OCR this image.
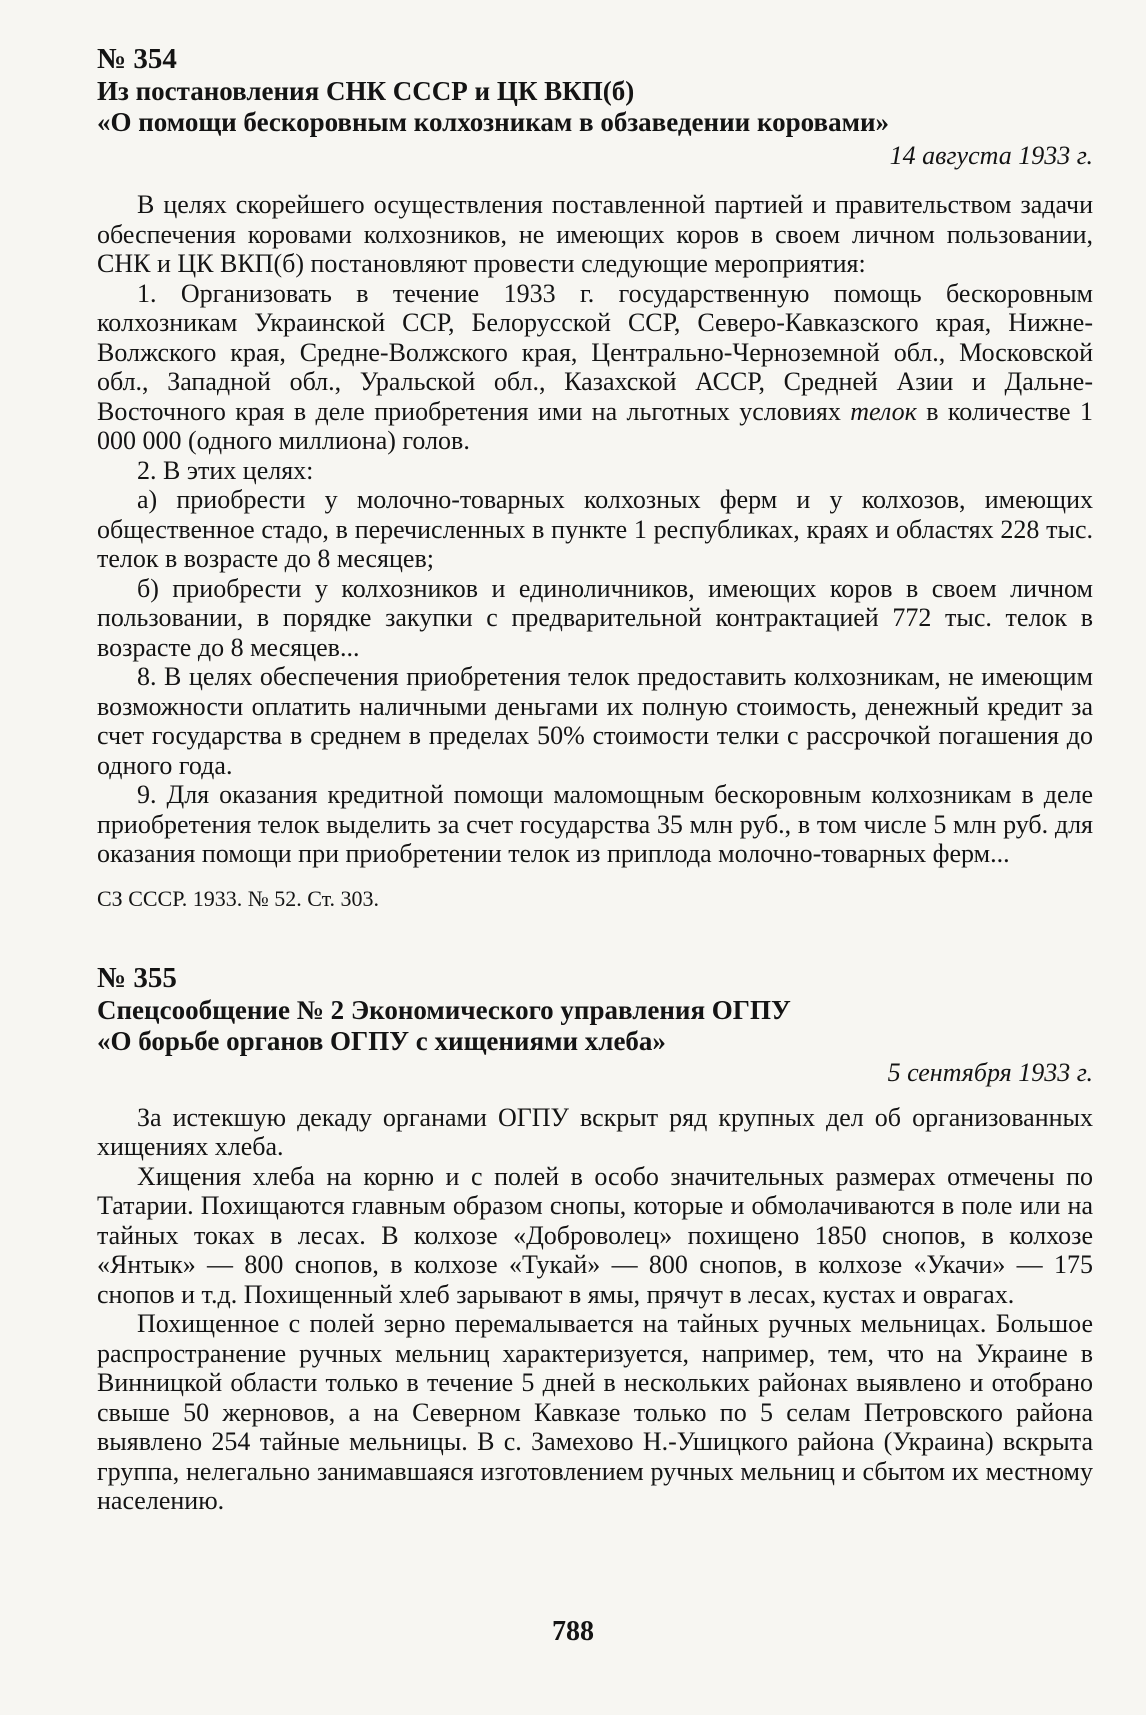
№ 354
Из постановления СНК СССР и ЦК ВКП(б)
«О помощи бескоровным колхозникам в обзаведении коровами»
14 августа 1933 г.

В целях скорейшего осуществления поставленной партией и правительством задачи обеспечения коровами колхозников, не имеющих коров в своем личном пользовании, СНК и ЦК ВКП(б) постановляют провести следующие мероприятия:

1. Организовать в течение 1933 г. государственную помощь бескоровным колхозникам Украинской ССР, Белорусской ССР, Северо-Кавказского края, Нижне-Волжского края, Средне-Волжского края, Центрально-Черноземной обл., Московской обл., Западной обл., Уральской обл., Казахской АССР, Средней Азии и Дальне-Восточного края в деле приобретения ими на льготных условиях телок в количестве 1 000 000 (одного миллиона) голов.

2. В этих целях:

а) приобрести у молочно-товарных колхозных ферм и у колхозов, имеющих общественное стадо, в перечисленных в пункте 1 республиках, краях и областях 228 тыс. телок в возрасте до 8 месяцев;

б) приобрести у колхозников и единоличников, имеющих коров в своем личном пользовании, в порядке закупки с предварительной контрактацией 772 тыс. телок в возрасте до 8 месяцев...

8. В целях обеспечения приобретения телок предоставить колхозникам, не имеющим возможности оплатить наличными деньгами их полную стоимость, денежный кредит за счет государства в среднем в пределах 50% стоимости телки с рассрочкой погашения до одного года.

9. Для оказания кредитной помощи маломощным бескоровным колхозникам в деле приобретения телок выделить за счет государства 35 млн руб., в том числе 5 млн руб. для оказания помощи при приобретении телок из приплода молочно-товарных ферм...

СЗ СССР. 1933. № 52. Ст. 303.
№ 355
Спецсообщение № 2 Экономического управления ОГПУ
«О борьбе органов ОГПУ с хищениями хлеба»
5 сентября 1933 г.

За истекшую декаду органами ОГПУ вскрыт ряд крупных дел об организованных хищениях хлеба.

Хищения хлеба на корню и с полей в особо значительных размерах отмечены по Татарии. Похищаются главным образом снопы, которые и обмолачиваются в поле или на тайных токах в лесах. В колхозе «Доброволец» похищено 1850 снопов, в колхозе «Янтык» — 800 снопов, в колхозе «Тукай» — 800 снопов, в колхозе «Укачи» — 175 снопов и т.д. Похищенный хлеб зарывают в ямы, прячут в лесах, кустах и оврагах.

Похищенное с полей зерно перемалывается на тайных ручных мельницах. Большое распространение ручных мельниц характеризуется, например, тем, что на Украине в Винницкой области только в течение 5 дней в нескольких районах выявлено и отобрано свыше 50 жерновов, а на Северном Кавказе только по 5 селам Петровского района выявлено 254 тайные мельницы. В с. Замехово Н.-Ушицкого района (Украина) вскрыта группа, нелегально занимавшаяся изготовлением ручных мельниц и сбытом их местному населению.

788
